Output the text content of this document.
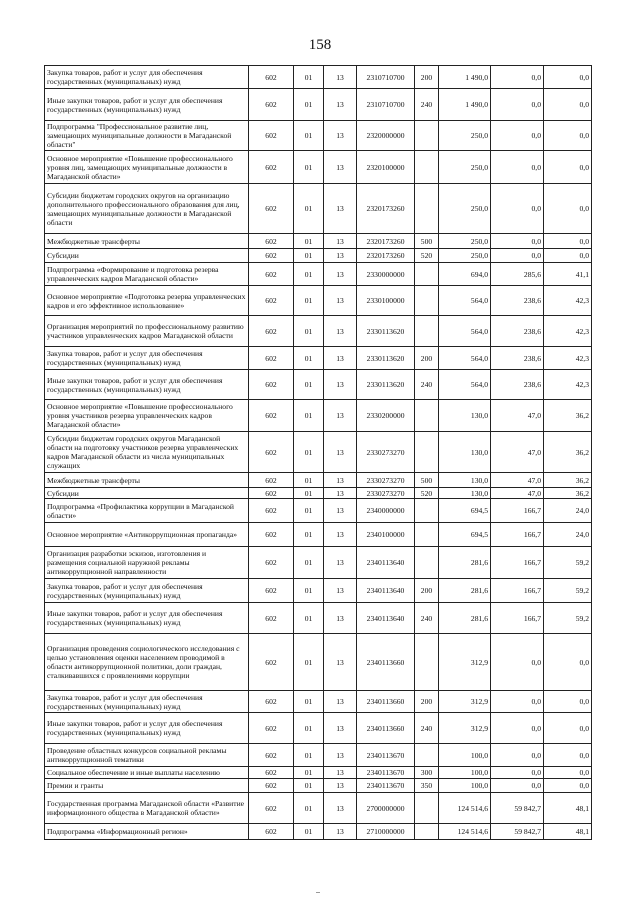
158
Закупка товаров, работ и услуг для обеспечения государственных (муниципальных) нужд	602	01	13	2310710700	200	1 490,0	0,0	0,0
Иные закупки товаров, работ и услуг для обеспечения государственных (муниципальных) нужд	602	01	13	2310710700	240	1 490,0	0,0	0,0
Подпрограмма "Профессиональное развитие лиц, замещающих муниципальные должности в Магаданской области"	602	01	13	2320000000		250,0	0,0	0,0
Основное мероприятие «Повышение профессионального уровня лиц, замещающих муниципальные должности в Магаданской области»	602	01	13	2320100000		250,0	0,0	0,0
Субсидии бюджетам городских округов на организацию дополнительного профессионального образования для лиц, замещающих муниципальные должности в Магаданской области	602	01	13	2320173260		250,0	0,0	0,0
Межбюджетные трансферты	602	01	13	2320173260	500	250,0	0,0	0,0
Субсидии	602	01	13	2320173260	520	250,0	0,0	0,0
Подпрограмма «Формирование и подготовка резерва управленческих кадров Магаданской области»	602	01	13	2330000000		694,0	285,6	41,1
Основное мероприятие «Подготовка резерва управленческих кадров и его эффективное использование»	602	01	13	2330100000		564,0	238,6	42,3
Организация мероприятий по профессиональному развитию участников управленческих кадров Магаданской области	602	01	13	2330113620		564,0	238,6	42,3
Закупка товаров, работ и услуг для обеспечения государственных (муниципальных) нужд	602	01	13	2330113620	200	564,0	238,6	42,3
Иные закупки товаров, работ и услуг для обеспечения государственных (муниципальных) нужд	602	01	13	2330113620	240	564,0	238,6	42,3
Основное мероприятие «Повышение профессионального уровня участников резерва управленческих кадров Магаданской области»	602	01	13	2330200000		130,0	47,0	36,2
Субсидии бюджетам городских округов Магаданской области на подготовку участников резерва управленческих кадров Магаданской области из числа муниципальных служащих	602	01	13	2330273270		130,0	47,0	36,2
Межбюджетные трансферты	602	01	13	2330273270	500	130,0	47,0	36,2
Субсидии	602	01	13	2330273270	520	130,0	47,0	36,2
Подпрограмма «Профилактика коррупции в Магаданской области»	602	01	13	2340000000		694,5	166,7	24,0
Основное мероприятие «Антикоррупционная пропаганда»	602	01	13	2340100000		694,5	166,7	24,0
Организация разработки эскизов, изготовления и размещения социальной наружной рекламы антикоррупционной направленности	602	01	13	2340113640		281,6	166,7	59,2
Закупка товаров, работ и услуг для обеспечения государственных (муниципальных) нужд	602	01	13	2340113640	200	281,6	166,7	59,2
Иные закупки товаров, работ и услуг для обеспечения государственных (муниципальных) нужд	602	01	13	2340113640	240	281,6	166,7	59,2
Организация проведения социологического исследования с целью установления оценки населением проводимой в области антикоррупционной политики, доли граждан, сталкивавшихся с проявлениями коррупции	602	01	13	2340113660		312,9	0,0	0,0
Закупка товаров, работ и услуг для обеспечения государственных (муниципальных) нужд	602	01	13	2340113660	200	312,9	0,0	0,0
Иные закупки товаров, работ и услуг для обеспечения государственных (муниципальных) нужд	602	01	13	2340113660	240	312,9	0,0	0,0
Проведение областных конкурсов социальной рекламы антикоррупционной тематики	602	01	13	2340113670		100,0	0,0	0,0
Социальное обеспечение и иные выплаты населению	602	01	13	2340113670	300	100,0	0,0	0,0
Премии и гранты	602	01	13	2340113670	350	100,0	0,0	0,0
Государственная программа Магаданской области «Развитие информационного общества в Магаданской области»	602	01	13	2700000000		124 514,6	59 842,7	48,1
Подпрограмма «Информационный регион»	602	01	13	2710000000		124 514,6	59 842,7	48,1
